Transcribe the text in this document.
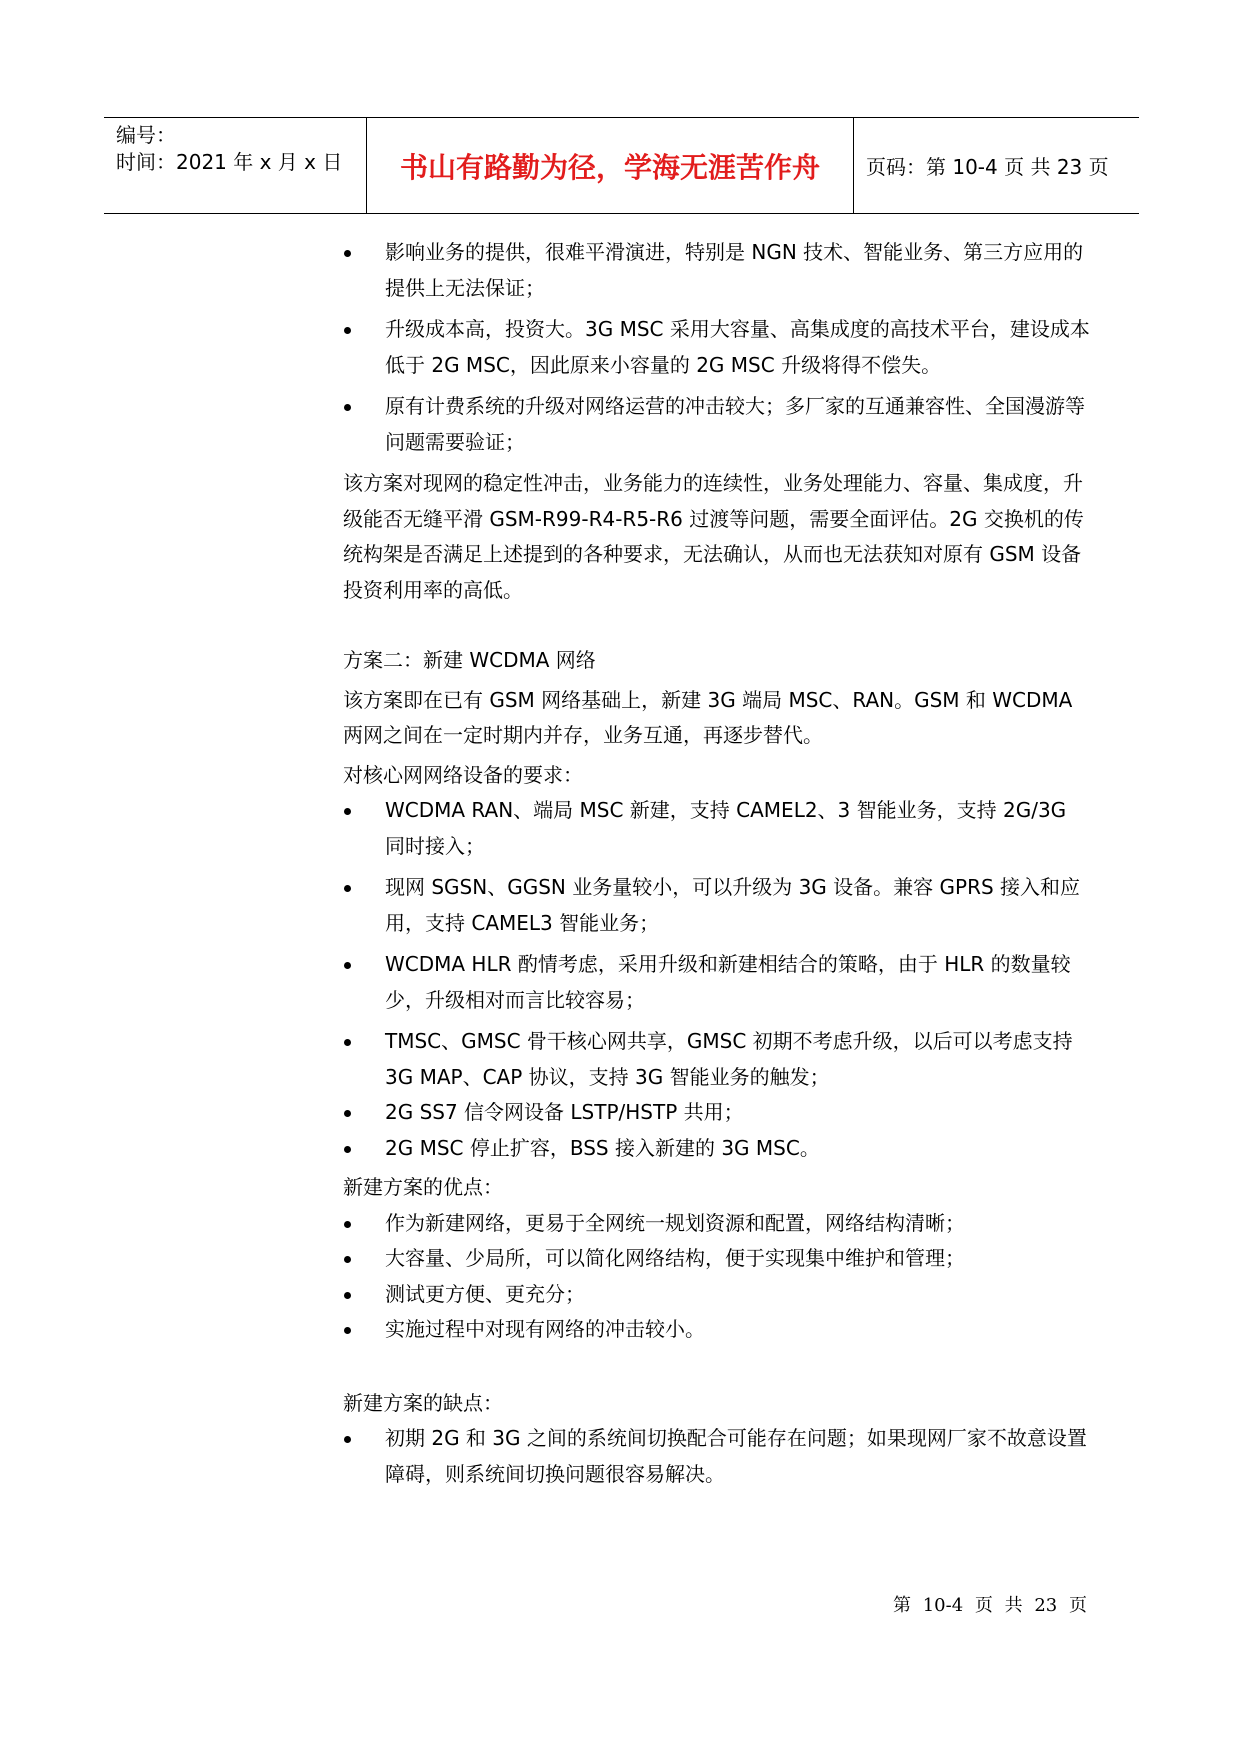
编号：
时间：2021 年 x 月 x 日	书山有路勤为径，学海无涯苦作舟	页码：第 10-4 页 共 23 页
影响业务的提供，很难平滑演进，特别是 NGN 技术、智能业务、第三方应用的提供上无法保证；
升级成本高，投资大。3G MSC 采用大容量、高集成度的高技术平台，建设成本低于 2G MSC，因此原来小容量的 2G MSC 升级将得不偿失。
原有计费系统的升级对网络运营的冲击较大；多厂家的互通兼容性、全国漫游等问题需要验证；

该方案对现网的稳定性冲击，业务能力的连续性，业务处理能力、容量、集成度，升级能否无缝平滑 GSM-R99-R4-R5-R6 过渡等问题，需要全面评估。2G 交换机的传统构架是否满足上述提到的各种要求，无法确认，从而也无法获知对原有 GSM 设备投资利用率的高低。

方案二：新建 WCDMA 网络

该方案即在已有 GSM 网络基础上，新建 3G 端局 MSC、RAN。GSM 和 WCDMA 两网之间在一定时期内并存，业务互通，再逐步替代。

对核心网网络设备的要求：

WCDMA RAN、端局 MSC 新建，支持 CAMEL2、3 智能业务，支持 2G/3G 同时接入；
现网 SGSN、GGSN 业务量较小，可以升级为 3G 设备。兼容 GPRS 接入和应用，支持 CAMEL3 智能业务；
WCDMA HLR 酌情考虑，采用升级和新建相结合的策略，由于 HLR 的数量较少，升级相对而言比较容易；
TMSC、GMSC 骨干核心网共享，GMSC 初期不考虑升级，以后可以考虑支持 3G MAP、CAP 协议，支持 3G 智能业务的触发；
2G SS7 信令网设备 LSTP/HSTP 共用；
2G MSC 停止扩容，BSS 接入新建的 3G MSC。

新建方案的优点：

作为新建网络，更易于全网统一规划资源和配置，网络结构清晰；
大容量、少局所，可以简化网络结构，便于实现集中维护和管理；
测试更方便、更充分；
实施过程中对现有网络的冲击较小。

新建方案的缺点：

初期 2G 和 3G 之间的系统间切换配合可能存在问题；如果现网厂家不故意设置障碍，则系统间切换问题很容易解决。
第 10-4 页 共 23 页
